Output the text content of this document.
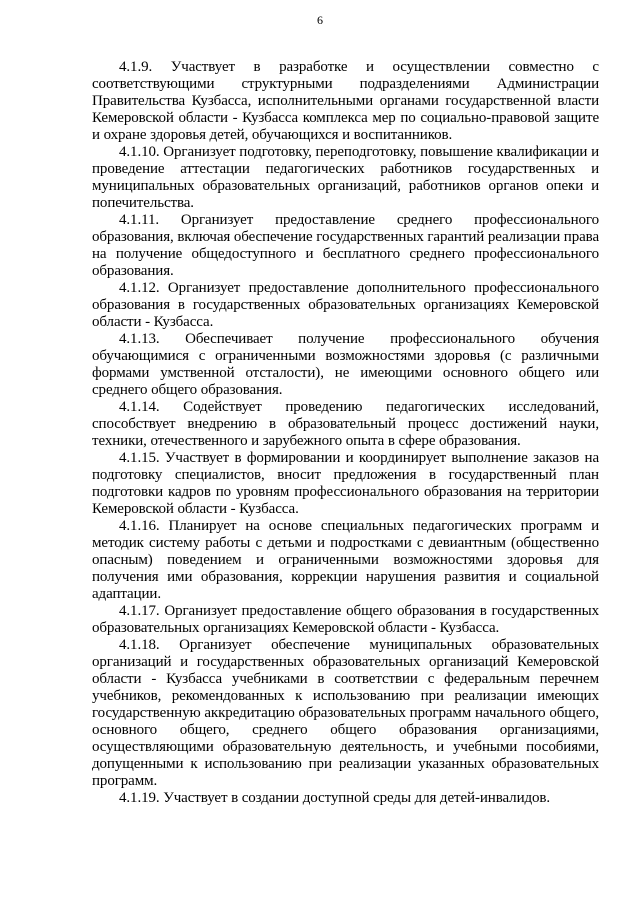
6

4.1.9. Участвует в разработке и осуществлении совместно с соответствующими структурными подразделениями Администрации Правительства Кузбасса, исполнительными органами государственной власти Кемеровской области - Кузбасса комплекса мер по социально-правовой защите и охране здоровья детей, обучающихся и воспитанников.

4.1.10. Организует подготовку, переподготовку, повышение квалификации и проведение аттестации педагогических работников государственных и муниципальных образовательных организаций, работников органов опеки и попечительства.

4.1.11. Организует предоставление среднего профессионального образования, включая обеспечение государственных гарантий реализации права на получение общедоступного и бесплатного среднего профессионального образования.

4.1.12. Организует предоставление дополнительного профессионального образования в государственных образовательных организациях Кемеровской области - Кузбасса.

4.1.13. Обеспечивает получение профессионального обучения обучающимися с ограниченными возможностями здоровья (с различными формами умственной отсталости), не имеющими основного общего или среднего общего образования.

4.1.14. Содействует проведению педагогических исследований, способствует внедрению в образовательный процесс достижений науки, техники, отечественного и зарубежного опыта в сфере образования.

4.1.15. Участвует в формировании и координирует выполнение заказов на подготовку специалистов, вносит предложения в государственный план подготовки кадров по уровням профессионального образования на территории Кемеровской области - Кузбасса.

4.1.16. Планирует на основе специальных педагогических программ и методик систему работы с детьми и подростками с девиантным (общественно опасным) поведением и ограниченными возможностями здоровья для получения ими образования, коррекции нарушения развития и социальной адаптации.

4.1.17. Организует предоставление общего образования в государственных образовательных организациях Кемеровской области - Кузбасса.

4.1.18. Организует обеспечение муниципальных образовательных организаций и государственных образовательных организаций Кемеровской области - Кузбасса учебниками в соответствии с федеральным перечнем учебников, рекомендованных к использованию при реализации имеющих государственную аккредитацию образовательных программ начального общего, основного общего, среднего общего образования организациями, осуществляющими образовательную деятельность, и учебными пособиями, допущенными к использованию при реализации указанных образовательных программ.

4.1.19. Участвует в создании доступной среды для детей-инвалидов.
